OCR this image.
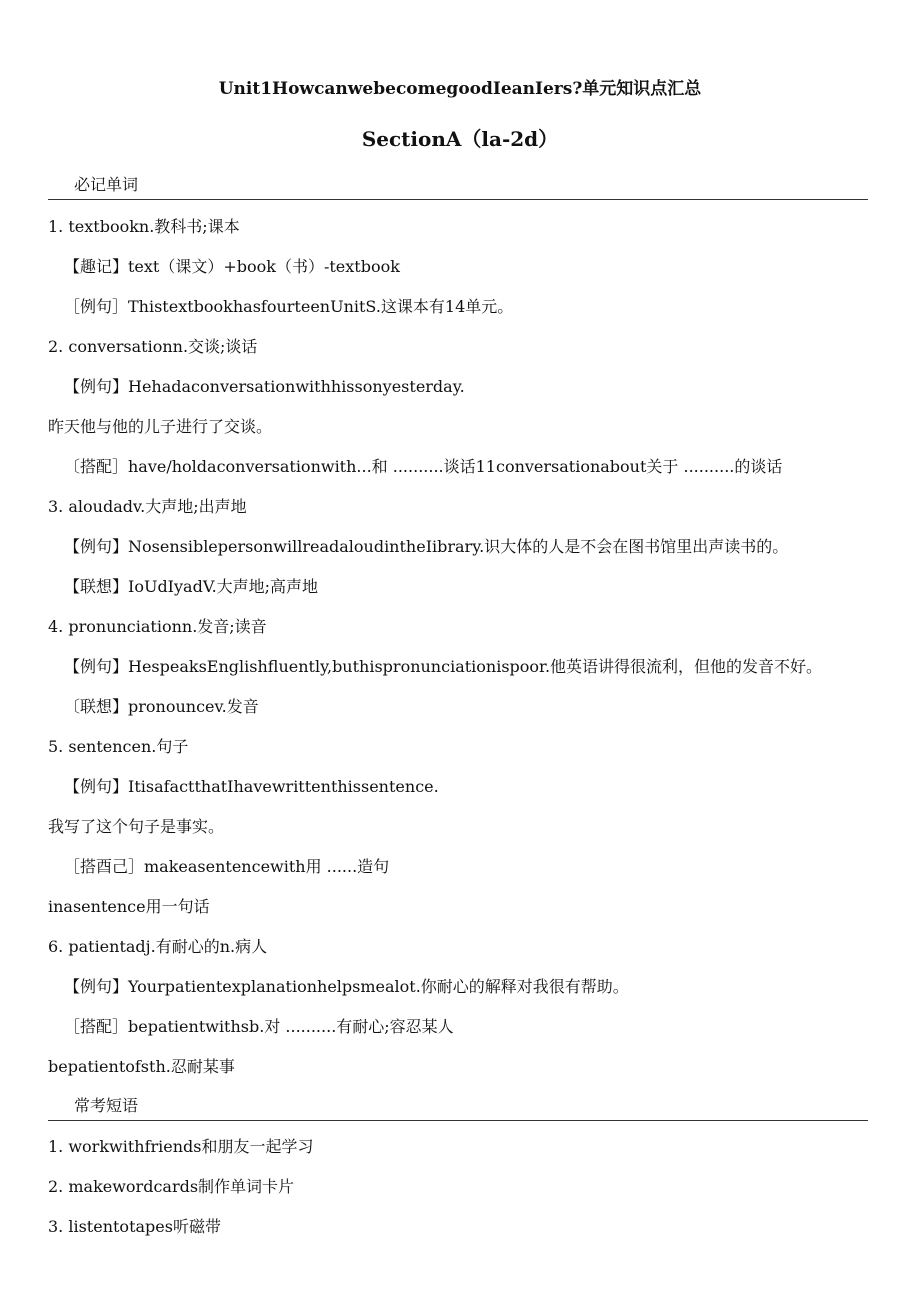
Unit1HowcanwebecomegoodIeanIers?单元知识点汇总
SectionA（la-2d）
必记单词
1. textbookn.教科书;课本
【趣记】text（课文）+book（书）-textbook
［例句］ThistextbookhasfourteenUnitS.这课本有14单元。
2. conversationn.交谈;谈话
【例句】Hehadaconversationwithhissonyesterday.
昨天他与他的儿子进行了交谈。
〔搭配］have/holdaconversationwith...和 ..........谈话11conversationabout关于 ..........的谈话
3. aloudadv.大声地;出声地
【例句】NosensiblepersonwillreadaloudintheIibrary.识大体的人是不会在图书馆里出声读书的。
【联想】IoUdIyadV.大声地;高声地
4. pronunciationn.发音;读音
【例句】HespeaksEnglishfluently,buthispronunciationispoor.他英语讲得很流利，但他的发音不好。
〔联想】pronouncev.发音
5. sentencen.句子
【例句】ItisafactthatIhavewrittenthissentence.
我写了这个句子是事实。
［搭酉己］makeasentencewith用 ......造句
inasentence用一句话
6. patientadj.有耐心的n.病人
【例句】Yourpatientexplanationhelpsmealot.你耐心的解释对我很有帮助。
［搭配］bepatientwithsb.对 ..........有耐心;容忍某人
bepatientofsth.忍耐某事
常考短语
1. workwithfriends和朋友一起学习
2. makewordcards制作单词卡片
3. listentotapes听磁带
